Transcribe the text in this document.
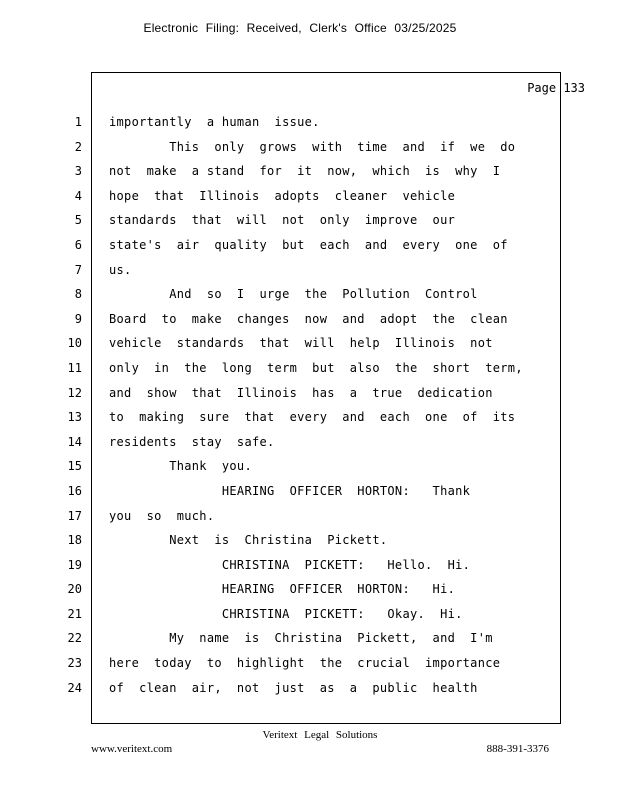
Electronic Filing: Received, Clerk's Office 03/25/2025
Page 133
1
2
3
4
5
6
7
8
9
10
11
12
13
14
15
16
17
18
19
20
21
22
23
24
importantly  a human  issue.
This  only  grows  with  time  and  if  we  do
not  make  a stand  for  it  now,  which  is  why  I
hope  that  Illinois  adopts  cleaner  vehicle
standards  that  will  not  only  improve  our
state's  air  quality  but  each  and  every  one  of
us.
And  so  I  urge  the  Pollution  Control
Board  to  make  changes  now  and  adopt  the  clean
vehicle  standards  that  will  help  Illinois  not
only  in  the  long  term  but  also  the  short  term,
and  show  that  Illinois  has  a  true  dedication
to  making  sure  that  every  and  each  one  of  its
residents  stay  safe.
Thank  you.
HEARING  OFFICER  HORTON:   Thank
you  so  much.
Next  is  Christina  Pickett.
CHRISTINA  PICKETT:   Hello.  Hi.
HEARING  OFFICER  HORTON:   Hi.
CHRISTINA  PICKETT:   Okay.  Hi.
My  name  is  Christina  Pickett,  and  I'm
here  today  to  highlight  the  crucial  importance
of  clean  air,  not  just  as  a  public  health
Veritext Legal Solutions
www.veritext.com	888-391-3376
